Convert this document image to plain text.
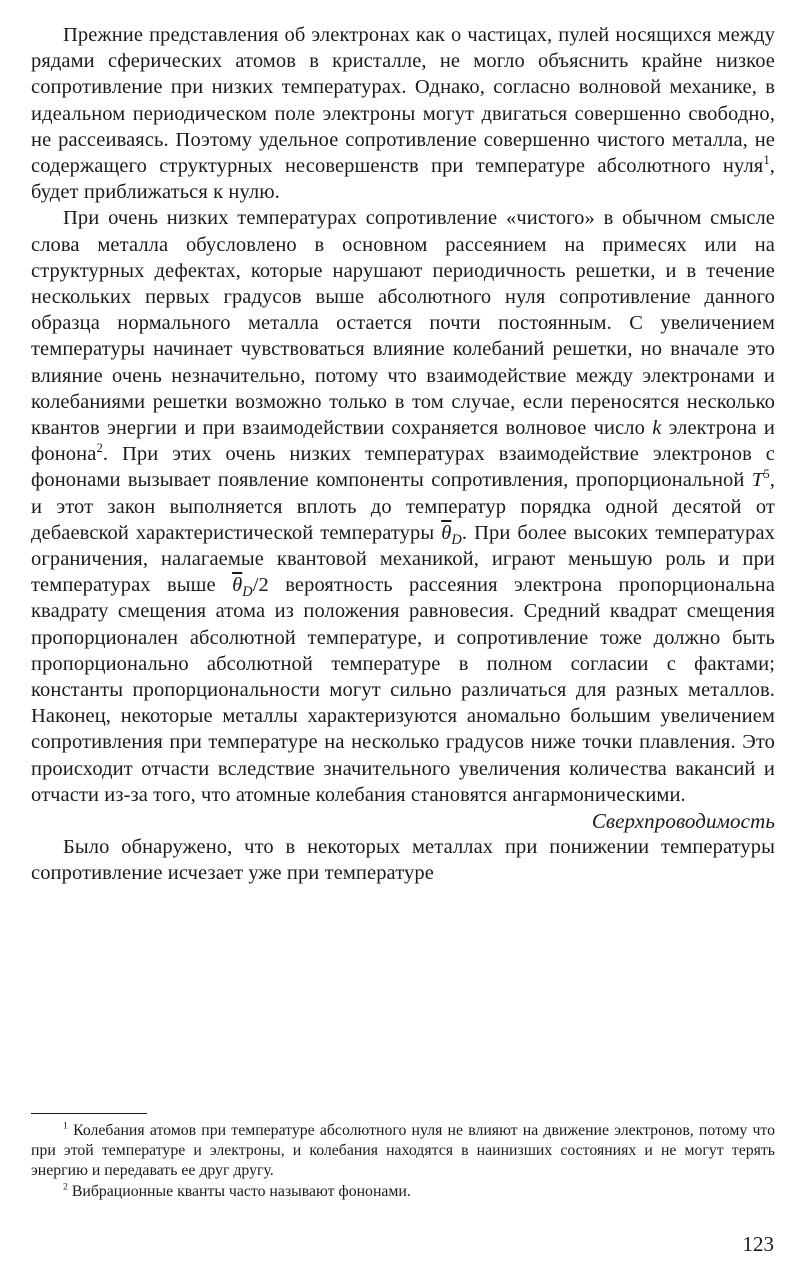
Прежние представления об электронах как о частицах, пулей носящихся между рядами сферических атомов в кристалле, не могло объяснить крайне низкое сопротивление при низких температурах. Однако, согласно волновой механике, в идеальном периодическом поле электроны могут двигаться совершенно свободно, не рассеиваясь. Поэтому удельное сопротивление совершенно чистого металла, не содержащего структурных несовершенств при температуре абсолютного нуля$^1$, будет приближаться к нулю.

При очень низких температурах сопротивление «чистого» в обычном смысле слова металла обусловлено в основном рассеянием на примесях или на структурных дефектах, которые нарушают периодичность решетки, и в течение нескольких первых градусов выше абсолютного нуля сопротивление данного образца нормального металла остается почти постоянным. С увеличением температуры начинает чувствоваться влияние колебаний решетки, но вначале это влияние очень незначительно, потому что взаимодействие между электронами и колебаниями решетки возможно только в том случае, если переносятся несколько квантов энергии и при взаимодействии сохраняется волновое число k электрона и фонона$^2$. При этих очень низких температурах взаимодействие электронов с фононами вызывает появление компоненты сопротивления, пропорциональной $T^5$, и этот закон выполняется вплоть до температур порядка одной десятой от дебаевской характеристической температуры $\overline{\theta}_D$. При более высоких температурах ограничения, налагаемые квантовой механикой, играют меньшую роль и при температурах выше $\overline{\theta}_D/2$ вероятность рассеяния электрона пропорциональна квадрату смещения атома из положения равновесия. Средний квадрат смещения пропорционален абсолютной температуре, и сопротивление тоже должно быть пропорционально абсолютной температуре в полном согласии с фактами; константы пропорциональности могут сильно различаться для разных металлов. Наконец, некоторые металлы характеризуются аномально большим увеличением сопротивления при температуре на несколько градусов ниже точки плавления. Это происходит отчасти вследствие значительного увеличения количества вакансий и отчасти из-за того, что атомные колебания становятся ангармоническими.

Сверхпроводимость

Было обнаружено, что в некоторых металлах при понижении температуры сопротивление исчезает уже при температуре

$^1$ Колебания атомов при температуре абсолютного нуля не влияют на движение электронов, потому что при этой температуре и электроны, и колебания находятся в наинизших состояниях и не могут терять энергию и передавать ее друг другу.

$^2$ Вибрационные кванты часто называют фононами.

123
